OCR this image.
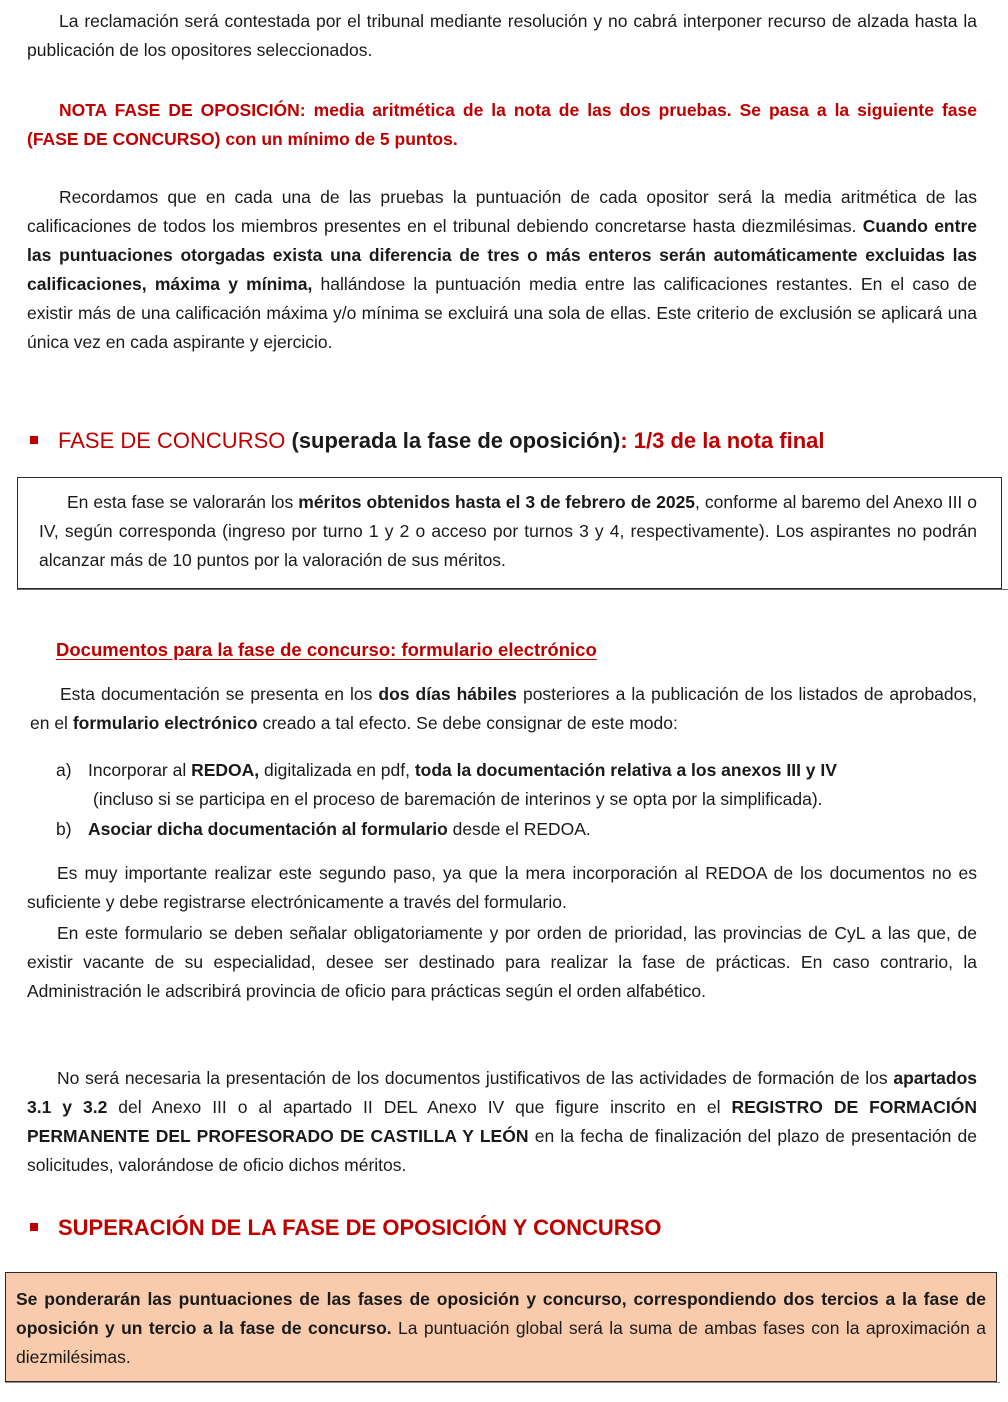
La reclamación será contestada por el tribunal mediante resolución y no cabrá interponer recurso de alzada hasta la publicación de los opositores seleccionados.

NOTA FASE DE OPOSICIÓN: media aritmética de la nota de las dos pruebas. Se pasa a la siguiente fase (FASE DE CONCURSO) con un mínimo de 5 puntos.

Recordamos que en cada una de las pruebas la puntuación de cada opositor será la media aritmética de las calificaciones de todos los miembros presentes en el tribunal debiendo concretarse hasta diezmilésimas. Cuando entre las puntuaciones otorgadas exista una diferencia de tres o más enteros serán automáticamente excluidas las calificaciones, máxima y mínima, hallándose la puntuación media entre las calificaciones restantes. En el caso de existir más de una calificación máxima y/o mínima se excluirá una sola de ellas. Este criterio de exclusión se aplicará una única vez en cada aspirante y ejercicio.

FASE DE CONCURSO (superada la fase de oposición): 1/3 de la nota final

En esta fase se valorarán los méritos obtenidos hasta el 3 de febrero de 2025, conforme al baremo del Anexo III o IV, según corresponda (ingreso por turno 1 y 2 o acceso por turnos 3 y 4, respectivamente). Los aspirantes no podrán alcanzar más de 10 puntos por la valoración de sus méritos.

Documentos para la fase de concurso: formulario electrónico

Esta documentación se presenta en los dos días hábiles posteriores a la publicación de los listados de aprobados, en el formulario electrónico creado a tal efecto. Se debe consignar de este modo:

a) Incorporar al REDOA, digitalizada en pdf, toda la documentación relativa a los anexos III y IV
(incluso si se participa en el proceso de baremación de interinos y se opta por la simplificada).

b) Asociar dicha documentación al formulario desde el REDOA.

Es muy importante realizar este segundo paso, ya que la mera incorporación al REDOA de los documentos no es suficiente y debe registrarse electrónicamente a través del formulario.

En este formulario se deben señalar obligatoriamente y por orden de prioridad, las provincias de CyL a las que, de existir vacante de su especialidad, desee ser destinado para realizar la fase de prácticas. En caso contrario, la Administración le adscribirá provincia de oficio para prácticas según el orden alfabético.

No será necesaria la presentación de los documentos justificativos de las actividades de formación de los apartados 3.1 y 3.2 del Anexo III o al apartado II DEL Anexo IV que figure inscrito en el REGISTRO DE FORMACIÓN PERMANENTE DEL PROFESORADO DE CASTILLA Y LEÓN en la fecha de finalización del plazo de presentación de solicitudes, valorándose de oficio dichos méritos.

SUPERACIÓN DE LA FASE DE OPOSICIÓN Y CONCURSO

Se ponderarán las puntuaciones de las fases de oposición y concurso, correspondiendo dos tercios a la fase de oposición y un tercio a la fase de concurso. La puntuación global será la suma de ambas fases con la aproximación a diezmilésimas.
